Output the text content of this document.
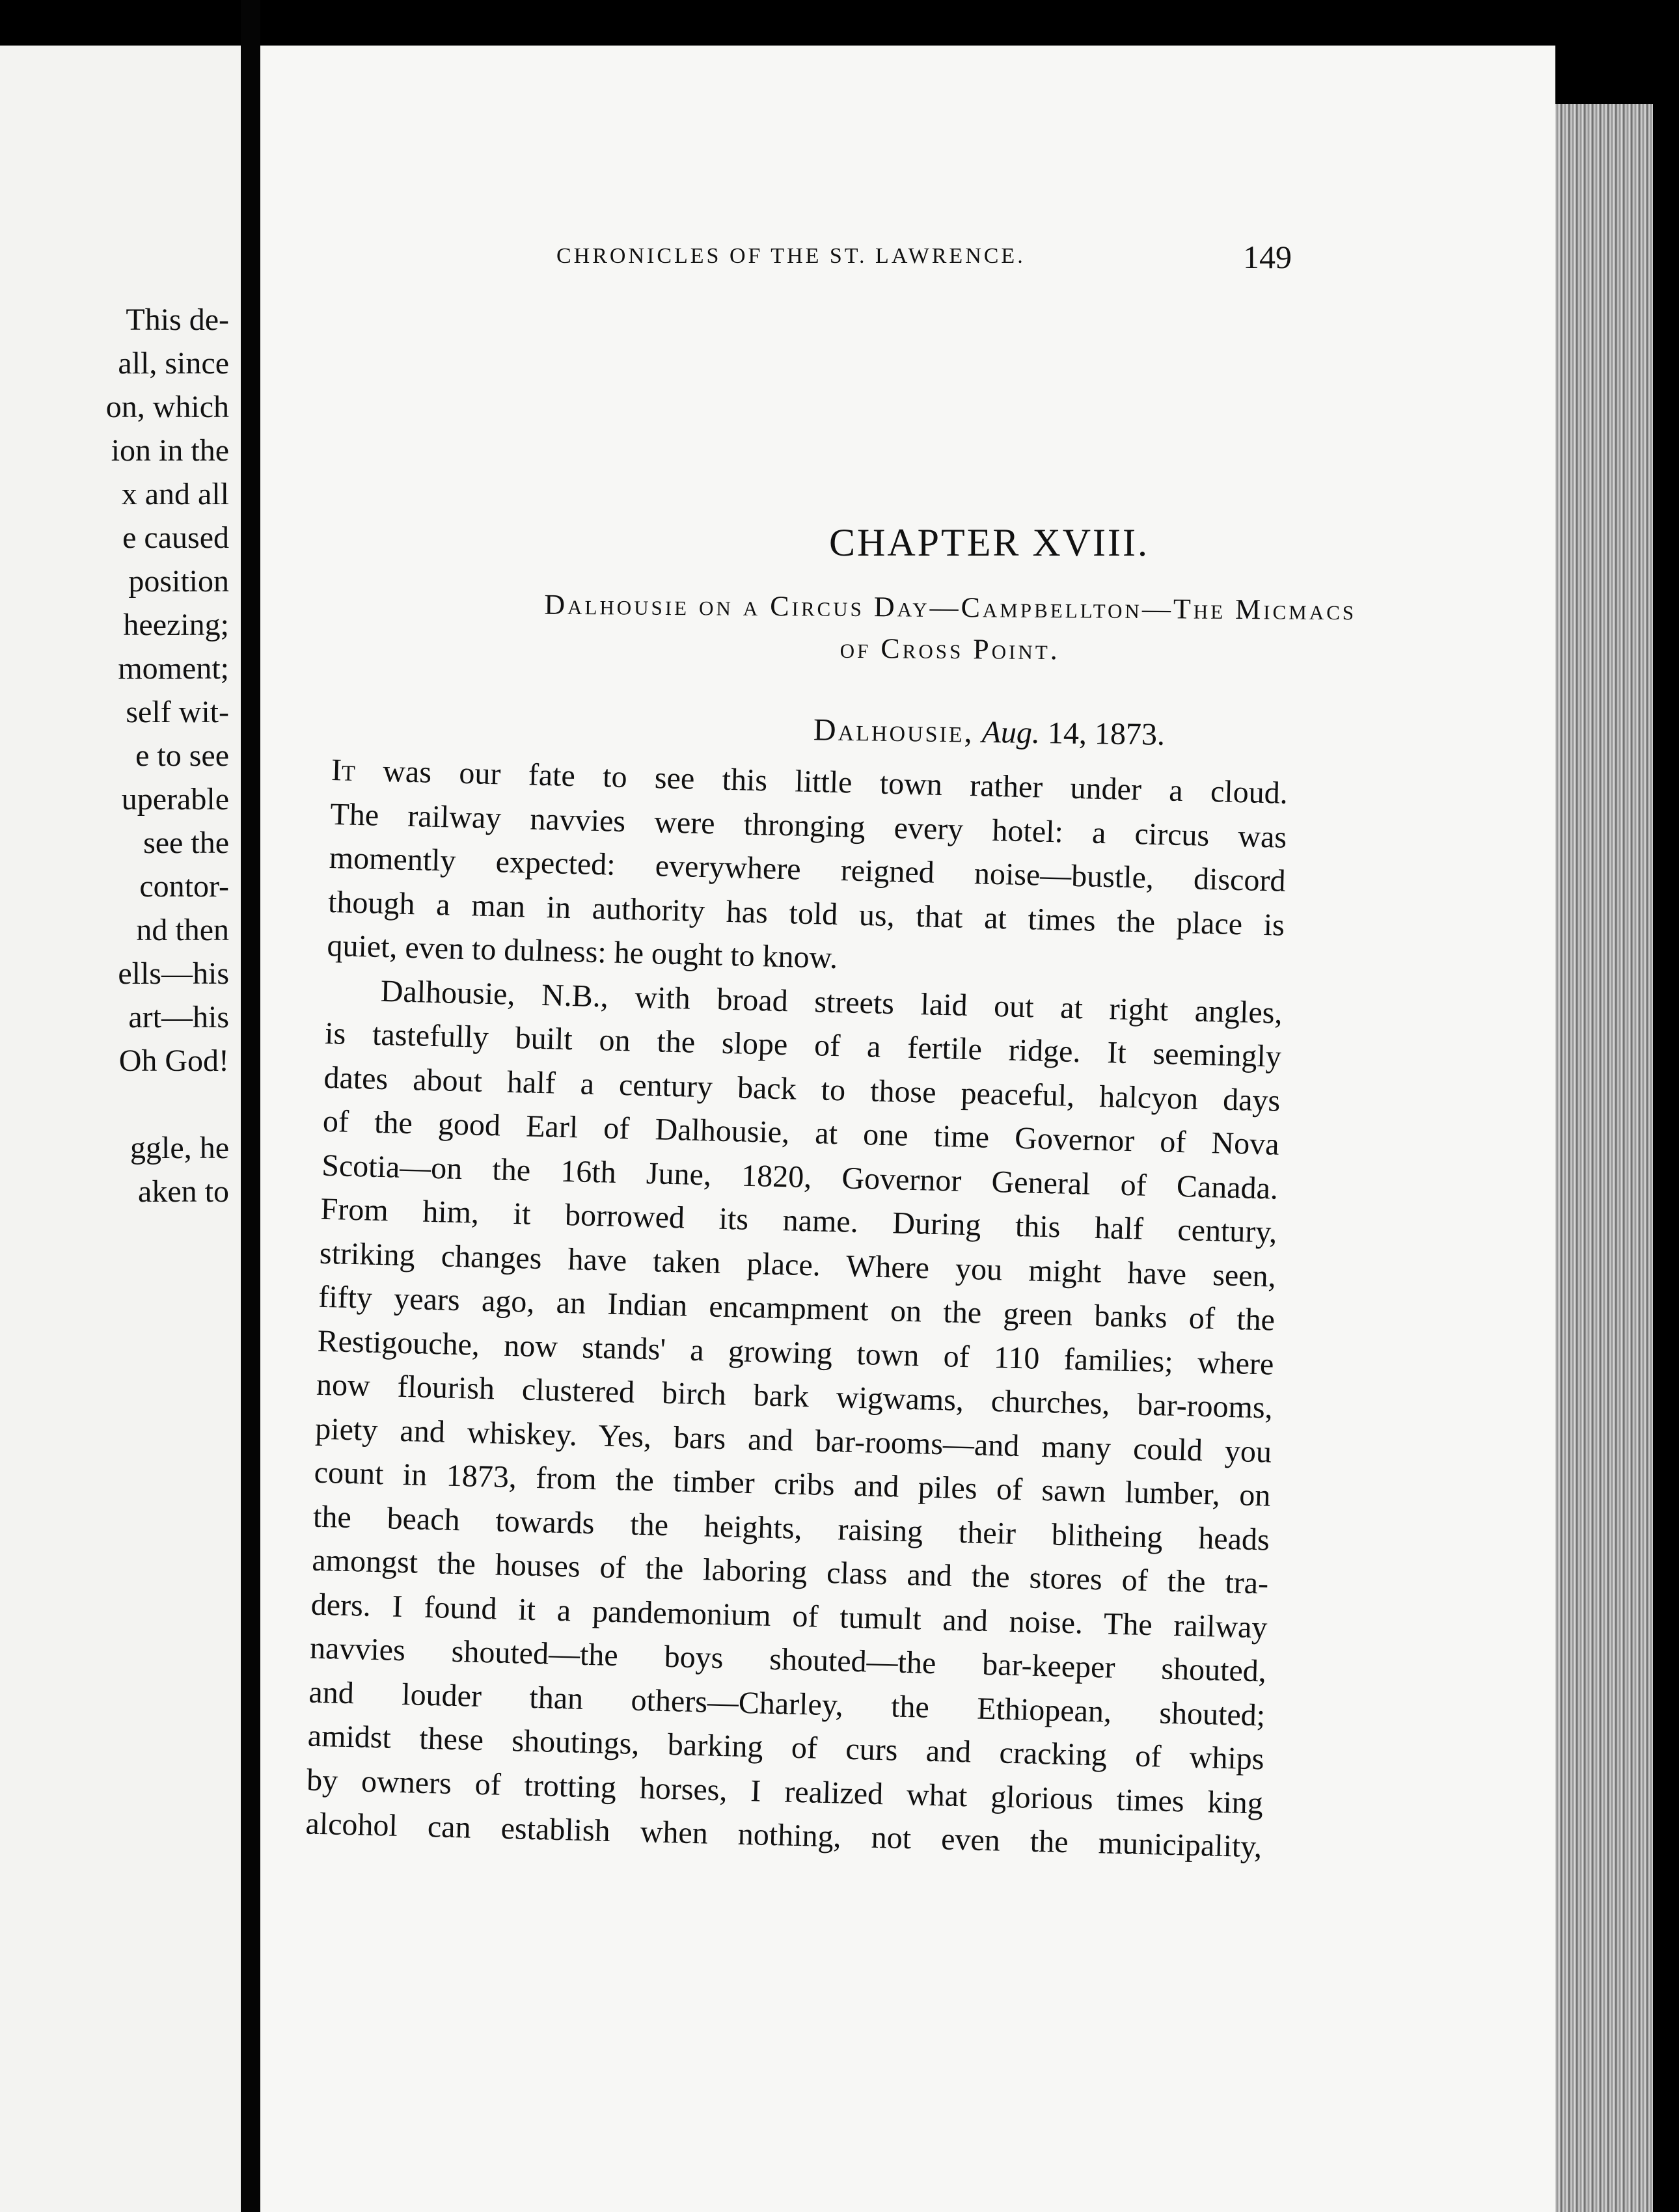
This de-
all, since
on, which
ion in the
x and all
e caused
position
heezing;
moment;
self wit-
e to see
uperable
see the
contor-
nd then
ells—his
art—his
Oh God!
ggle, he
aken to
CHRONICLES OF THE ST. LAWRENCE.	149
CHAPTER XVIII.
Dalhousie on a Circus Day—Campbellton—The Micmacs
of Cross Point.
Dalhousie, Aug. 14, 1873.
It was our fate to see this little town rather under a cloud.
The railway navvies were thronging every hotel: a circus was
momently expected: everywhere reigned noise—bustle, discord
though a man in authority has told us, that at times the place is
quiet, even to dulness: he ought to know.
Dalhousie, N.B., with broad streets laid out at right angles,
is tastefully built on the slope of a fertile ridge. It seemingly
dates about half a century back to those peaceful, halcyon days
of the good Earl of Dalhousie, at one time Governor of Nova
Scotia—on the 16th June, 1820, Governor General of Canada.
From him, it borrowed its name. During this half century,
striking changes have taken place. Where you might have seen,
fifty years ago, an Indian encampment on the green banks of the
Restigouche, now stands' a growing town of 110 families; where
now flourish clustered birch bark wigwams, churches, bar-rooms,
piety and whiskey. Yes, bars and bar-rooms—and many could you
count in 1873, from the timber cribs and piles of sawn lumber, on
the beach towards the heights, raising their blitheing heads
amongst the houses of the laboring class and the stores of the tra-
ders. I found it a pandemonium of tumult and noise. The railway
navvies shouted—the boys shouted—the bar-keeper shouted,
and louder than others—Charley, the Ethiopean, shouted;
amidst these shoutings, barking of curs and cracking of whips
by owners of trotting horses, I realized what glorious times king
alcohol can establish when nothing, not even the municipality,
